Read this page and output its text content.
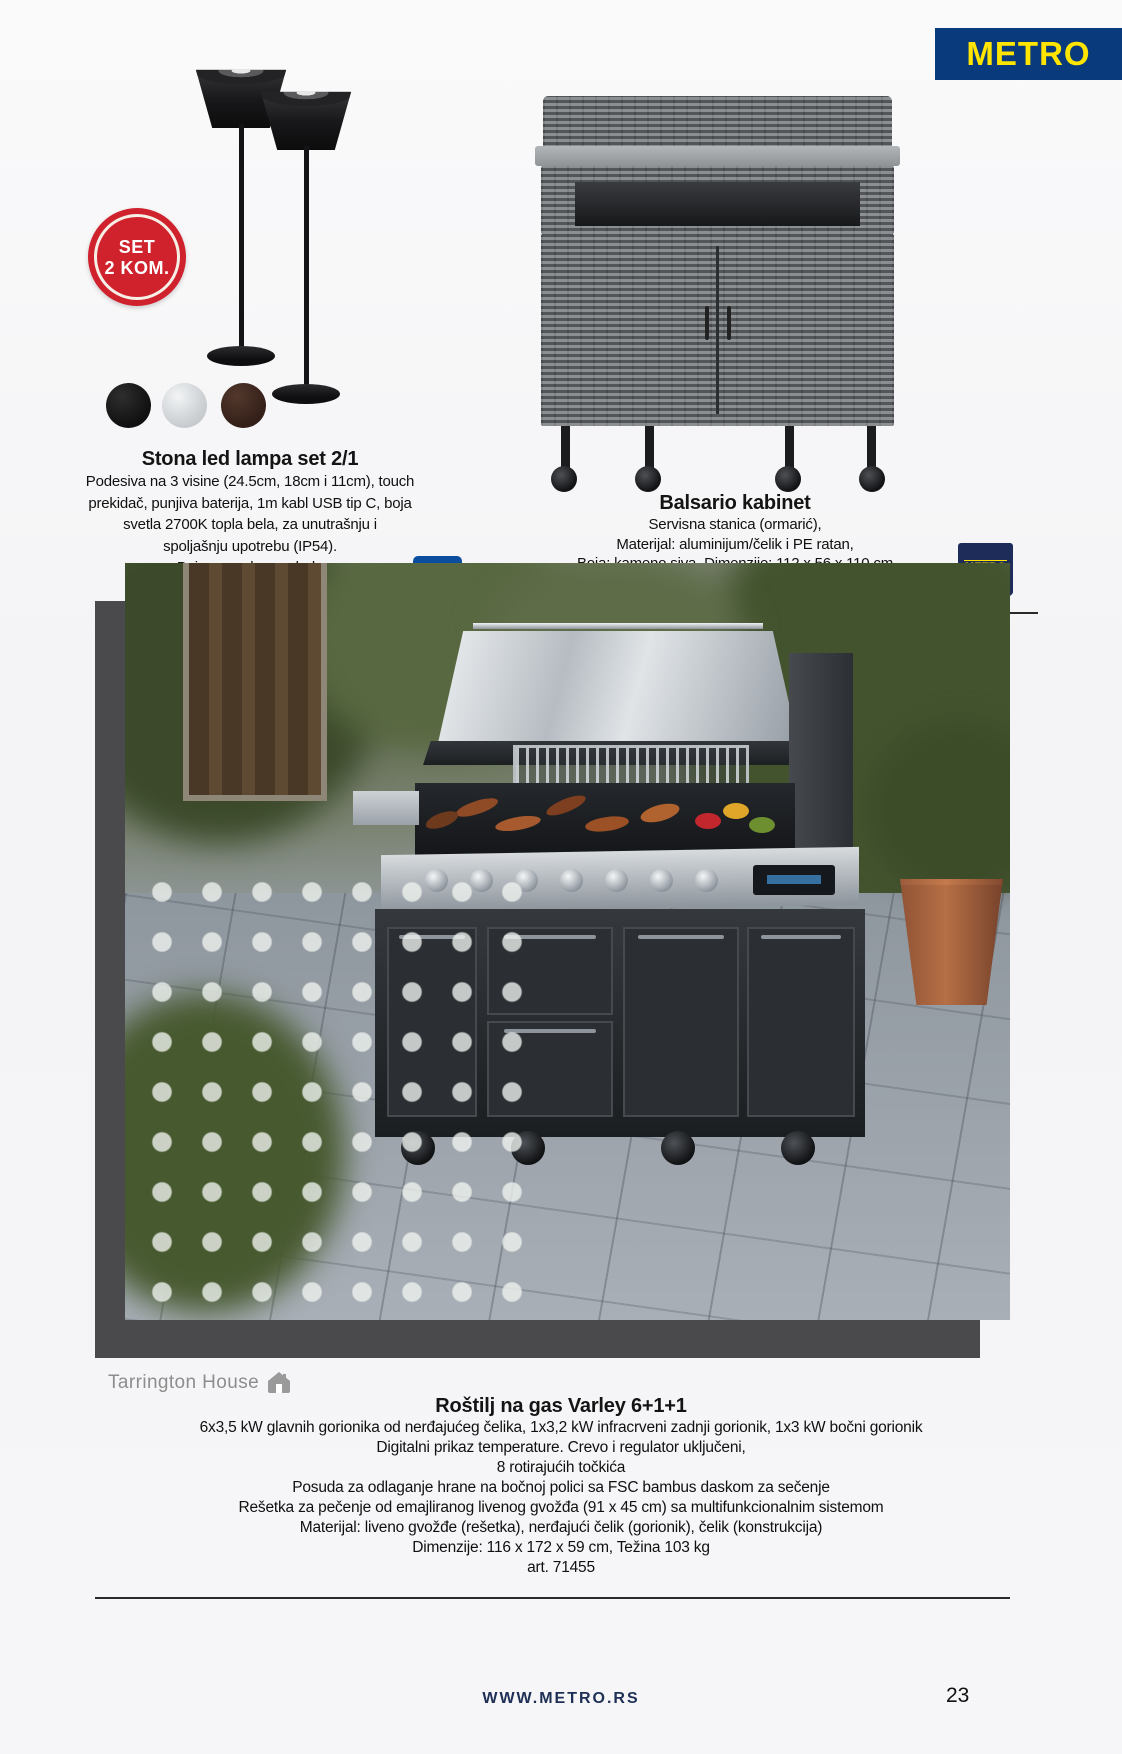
METRO
SET
2 KOM.
Stona led lampa set 2/1
Podesiva na 3 visine (24.5cm, 18cm i 11cm), touch
prekidač, punjiva baterija, 1m kabl USB tip C, boja
svetla 2700K topla bela, za unutrašnju i
spoljašnju upotrebu (IP54).
Balsario kabinet
Servisna stanica (ormarić),
Materijal: aluminijum/čelik i PE ratan,
Tarrington House
Roštilj na gas Varley 6+1+1
6x3,5 kW glavnih gorionika od nerđajućeg čelika, 1x3,2 kW infracrveni zadnji gorionik, 1x3 kW bočni gorionik
Digitalni prikaz temperature. Crevo i regulator uključeni,
8 rotirajućih točkića
Posuda za odlaganje hrane na bočnoj polici sa FSC bambus daskom za sečenje
Rešetka za pečenje od emajliranog livenog gvožđa (91 x 45 cm) sa multifunkcionalnim sistemom
Materijal: liveno gvožđe (rešetka), nerđajući čelik (gorionik), čelik (konstrukcija)
Dimenzije: 116 x 172 x 59 cm, Težina 103 kg
art. 71455
WWW.METRO.RS	23
